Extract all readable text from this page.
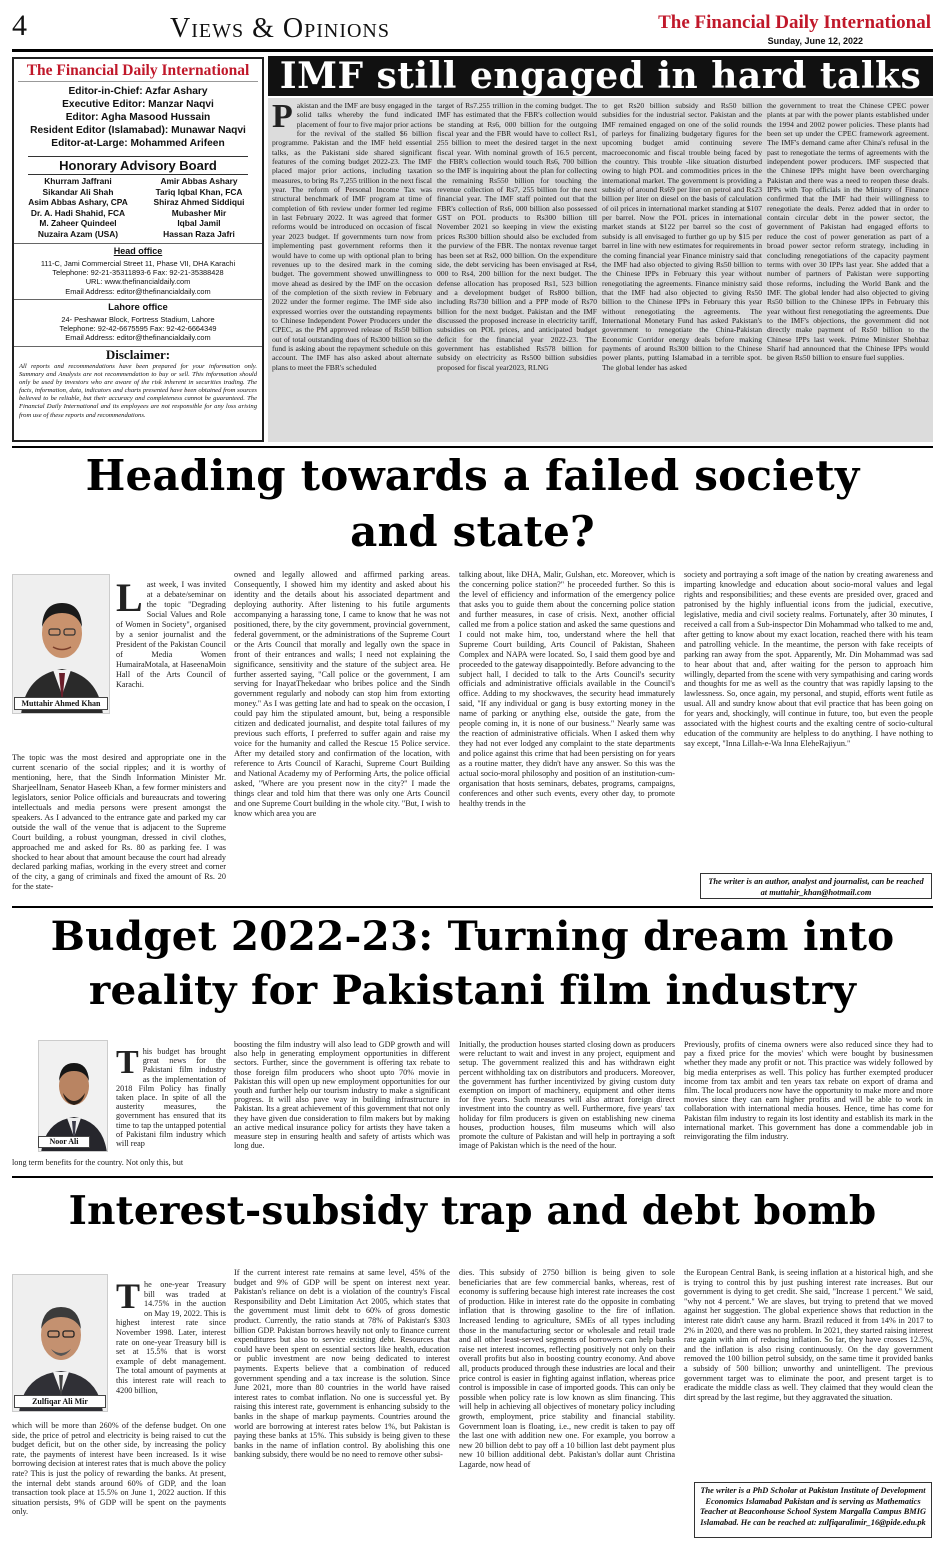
4	Views & Opinions	The Financial Daily International
Sunday, June 12, 2022
The Financial Daily International
Editor-in-Chief: Azfar Ashary
Executive Editor: Manzar Naqvi
Editor: Agha Masood Hussain
Resident Editor (Islamabad): Munawar Naqvi
Editor-at-Large: Mohammed Arifeen
Honorary Advisory Board
Khurram Jaffrani
Sikandar Ali Shah
Asim Abbas Ashary, CPA
Dr. A. Hadi Shahid, FCA
M. Zaheer Quindeel
Nuzaira Azam (USA)
Amir Abbas Ashary
Tariq Iqbal Khan, FCA
Shiraz Ahmed Siddiqui
Mubasher Mir
Iqbal Jamil
Hassan Raza Jafri
Head office
111-C, Jami Commercial Street 11, Phase VII, DHA Karachi
Telephone: 92-21-35311893-6 Fax: 92-21-35388428
URL: www.thefinancialdaily.com
Email Address: editor@thefinancialdaily.com
Lahore office
24- Peshawar Block, Fortress Stadium, Lahore
Telephone: 92-42-6675595 Fax: 92-42-6664349
Email Address: editor@thefinancialdaily.com
Disclaimer:
All reports and recommendations have been prepared for your information only. Summary and Analysis are not recommendation to buy or sell. This information should only be used by investors who are aware of the risk inherent in securities trading. The facts, information, data, indicators and charts presented have been obtained from sources believed to be reliable, but their accuracy and completeness cannot be guaranteed. The Financial Daily International and its employees are not responsible for any loss arising from use of these reports and recommendations.
IMF still engaged in hard talks
Pakistan and the IMF are busy engaged in the solid talks whereby the fund indicated placement of four to five major prior actions for the revival of the stalled $6 billion programme. Pakistan and the IMF held essential talks, as the Pakistani side shared significant features of the coming budget 2022-23. The IMF placed major prior actions, including taxation measures, to bring Rs 7,255 trillion in the next fiscal year. The reform of Personal Income Tax was structural benchmark of IMF program at time of completion of 6th review under former led regime in last February 2022. It was agreed that former reforms would be introduced on occasion of fiscal year 2023 budget. If governments turn now from implementing past government reforms then it would have to come up with optional plan to bring revenues up to the desired mark in the coming budget. The government showed unwillingness to move ahead as desired by the IMF on the occasion of the completion of the sixth review in February 2022 under the former regime. The IMF side also expressed worries over the outstanding repayments to Chinese Independent Power Producers under the CPEC, as the PM approved release of Rs50 billion out of total outstanding dues of Rs300 billion so the fund is asking about the repayment schedule on this account. The IMF has also asked about alternate plans to meet the FBR's scheduled
target of Rs7.255 trillion in the coming budget. The IMF has estimated that the FBR's collection would be standing at Rs6, 000 billion for the outgoing fiscal year and the FBR would have to collect Rs1, 255 billion to meet the desired target in the next fiscal year. With nominal growth of 16.5 percent, the FBR's collection would touch Rs6, 700 billion so the IMF is inquiring about the plan for collecting the remaining Rs550 billion for touching the revenue collection of Rs7, 255 billion for the next financial year. The IMF staff pointed out that the FBR's collection of Rs6, 000 billion also possessed GST on POL products to Rs300 billion till November 2021 so keeping in view the existing prices Rs300 billion should also be excluded from the purview of the FBR. The nontax revenue target has been set at Rs2, 000 billion. On the expenditure side, the debt servicing has been envisaged at Rs4, 000 to Rs4, 200 billion for the next budget. The defense allocation has proposed Rs1, 523 billion and a development budget of Rs800 billion, including Rs730 billion and a PPP mode of Rs70 billion for the next budget. Pakistan and the IMF discussed the proposed increase in electricity tariff, subsidies on POL prices, and anticipated budget deficit for the financial year 2022-23. The government has established Rs578 billion for subsidy on electricity as Rs500 billion subsidies proposed for fiscal year2023, RLNG
to get Rs20 billion subsidy and Rs50 billion subsidies for the industrial sector. Pakistan and the IMF remained engaged on one of the solid rounds of parleys for finalizing budgetary figures for the upcoming budget amid continuing severe macroeconomic and fiscal trouble being faced by the country. This trouble -like situation disturbed owing to high POL and commodities prices in the international market. The government is providing a subsidy of around Rs69 per liter on petrol and Rs23 billion per liter on diesel on the basis of calculation of oil prices in international market standing at $107 per barrel. Now the POL prices in international market stands at $122 per barrel so the cost of subsidy is all envisaged to further go up by $15 per barrel in line with new estimates for requirements in the coming financial year Finance ministry said that the IMF had also objected to giving Rs50 billion to the Chinese IPPs in February this year without renegotiating the agreements. Finance ministry said that the IMF had also objected to giving Rs50 billion to the Chinese IPPs in February this year without renegotiating the agreements. The International Monetary Fund has asked Pakistan's government to renegotiate the China-Pakistan Economic Corridor energy deals before making payments of around Rs300 billion to the Chinese power plants, putting Islamabad in a terrible spot. The global lender has asked
the government to treat the Chinese CPEC power plants at par with the power plants established under the 1994 and 2002 power policies. These plants had been set up under the CPEC framework agreement. The IMF's demand came after China's refusal in the past to renegotiate the terms of agreements with the independent power producers. IMF suspected that the Chinese IPPs might have been overcharging Pakistan and there was a need to reopen these deals. IPPs with Top officials in the Ministry of Finance confirmed that the IMF had their willingness to renegotiate the deals. Perez added that in order to contain circular debt in the power sector, the government of Pakistan had engaged efforts to reduce the cost of power generation as part of a broad power sector reform strategy, including in concluding renegotiations of the capacity payment terms with over 30 IPPs last year. She added that a number of partners of Pakistan were supporting those reforms, including the World Bank and the IMF. The global lender had also objected to giving Rs50 billion to the Chinese IPPs in February this year without first renegotiating the agreements. Due to the IMF's objections, the government did not directly make payment of Rs50 billion to the Chinese IPPs last week. Prime Minister Shehbaz Sharif had announced that the Chinese IPPs would be given Rs50 billion to ensure fuel supplies.
Heading towards a failed society
and state?
Muttahir Ahmed Khan
Last week, I was invited at a debate/seminar on the topic "Degrading Social Values and Role of Women in Society", organised by a senior journalist and the President of the Pakistan Council of Media Women HumairaMotala, at HaseenaMoin Hall of the Arts Council of Karachi.
The topic was the most desired and appropriate one in the current scenario of the social ripples; and it is worthy of mentioning, here, that the Sindh Information Minister Mr. SharjeelInam, Senator Haseeb Khan, a few former ministers and legislators, senior Police officials and bureaucrats and towering intellectuals and media persons were present amongst the speakers. As I advanced to the entrance gate and parked my car outside the wall of the venue that is adjacent to the Supreme Court building, a robust youngman, dressed in civil clothes, approached me and asked for Rs. 80 as parking fee. I was shocked to hear about that amount because the court had already declared parking mafias, working in the every street and corner of the city, a gang of criminals and fixed the amount of Rs. 20 for the state-
owned and legally allowed and affirmed parking areas. Consequently, I showed him my identity and asked about his identity and the details about his associated department and deploying authority. After listening to his futile arguments accompanying a harassing tone, I came to know that he was not positioned, there, by the city government, provincial government, federal government, or the administrations of the Supreme Court or the Arts Council that morally and legally own the space in front of their entrances and walls; I need not explaining the significance, sensitivity and the stature of the subject area. He further asserted saying, "Call police or the government, I am serving for InayatThekedaar who bribes police and the Sindh government regularly and nobody can stop him from extorting money." As I was getting late and had to speak on the occasion, I could pay him the stipulated amount, but, being a responsible citizen and dedicated journalist, and despite total failures of my previous such efforts, I preferred to suffer again and raise my voice for the humanity and called the Rescue 15 Police service. After my detailed story and confirmation of the location, with reference to Arts Council of Karachi, Supreme Court Building and National Academy my of Performing Arts, the police official asked, "Where are you present now in the city?" I made the things clear and told him that there was only one Arts Council and one Supreme Court building in the whole city. "But, I wish to know which area you are
talking about, like DHA, Malir, Gulshan, etc. Moreover, which is the concerning police station?" he proceeded further. So this is the level of efficiency and information of the emergency police that asks you to guide them about the concerning police station and further measures, in case of crisis. Next, another official called me from a police station and asked the same questions and I could not make him, too, understand where the hell that Supreme Court building, Arts Council of Pakistan, Shaheen Complex and NAPA were located. So, I said them good bye and proceeded to the gateway disappointedly. Before advancing to the subject hall, I decided to talk to the Arts Council's security officials and administrative officials available in the Council's office. Adding to my shockwaves, the security head immaturely said, "If any individual or gang is busy extorting money in the name of parking or anything else, outside the gate, from the people coming in, it is none of our business." Nearly same was the reaction of administrative officials. When I asked them why they had not ever lodged any complaint to the state departments and police against this crime that had been persisting on for years as a routine matter, they didn't have any answer. So this was the actual socio-moral philosophy and position of an institution-cum-organisation that hosts seminars, debates, programs, campaigns, conferences and other such events, every other day, to promote healthy trends in the
society and portraying a soft image of the nation by creating awareness and imparting knowledge and education about socio-moral values and legal rights and responsibilities; and these events are presided over, graced and patronised by the highly influential icons from the judicial, executive, legislative, media and civil society realms. Fortunately, after 30 minutes, I received a call from a Sub-inspector Din Mohammad who talked to me and, after getting to know about my exact location, reached there with his team and patrolling vehicle. In the meantime, the person with fake receipts of parking ran away from the spot. Apparently, Mr. Din Mohammad was sad to hear about that and, after waiting for the person to approach him willingly, departed from the scene with very sympathising and caring words and thoughts for me as well as the country that was rapidly lapsing to the lawlessness. So, once again, my personal, and stupid, efforts went futile as usual. All and sundry know about that evil practice that has been going on for years and, shockingly, will continue in future, too, but even the people associated with the highest courts and the exalting centre of socio-cultural education of the community are helpless to do anything. I have nothing to say except, "Inna Lillah-e-Wa Inna EleheRajiyun."
The writer is an author, analyst and journalist, can be reached at muttahir_khan@hotmail.com
Budget 2022-23: Turning dream into
reality for Pakistani film industry
Noor Ali
This budget has brought great news for the Pakistani film industry as the implementation of 2018 Film Policy has finally taken place. In spite of all the austerity measures, the government has ensured that its time to tap the untapped potential of Pakistani film industry which will reap
long term benefits for the country. Not only this, but
boosting the film industry will also lead to GDP growth and will also help in generating employment opportunities in different sectors. Further, since the government is offering tax rebate to those foreign film producers who shoot upto 70% movie in Pakistan this will open up new employment opportunities for our youth and further help our tourism industry to make a significant progress. It will also pave way in building infrastructure in Pakistan. Its a great achievement of this government that not only they have given due consideration to film makers but by making an active medical insurance policy for artists they have taken a measure step in ensuring health and safety of artists which was long due.
Initially, the production houses started closing down as producers were reluctant to wait and invest in any project, equipment and setup. The government realized this and has withdrawn eight percent withholding tax on distributors and producers. Moreover, the government has further incentivized by giving custom duty exemption on import of machinery, equipment and other items for five years. Such measures will also attract foreign direct investment into the country as well. Furthermore, five years' tax holiday for film producers is given on establishing new cinema houses, production houses, film museums which will also promote the culture of Pakistan and will help in portraying a soft image of Pakistan which is the need of the hour.
Previously, profits of cinema owners were also reduced since they had to pay a fixed price for the movies' which were bought by businessmen whether they made any profit or not. This practice was widely followed by big media enterprises as well. This policy has further exempted producer income from tax ambit and ten years tax rebate on export of drama and film. The local producers now have the opportunity to make more and more movies since they can earn higher profits and will be able to work in collaboration with international media houses. Hence, time has come for Pakistan film industry to regain its lost identity and establish its mark in the international market. This government has done a commendable job in reinvigorating the film industry.
Interest-subsidy trap and debt bomb
Zulfiqar Ali Mir
The one-year Treasury bill was traded at 14.75% in the auction on May 19, 2022. This is highest interest rate since November 1998. Later, interest rate on one-year Treasury bill is set at 15.5% that is worst example of debt management. The total amount of payments at this interest rate will reach to 4200 billion,
which will be more than 260% of the defense budget. On one side, the price of petrol and electricity is being raised to cut the budget deficit, but on the other side, by increasing the policy rate, the payments of interest have been increased. Is it wise borrowing decision at interest rates that is much above the policy rate? This is just the policy of rewarding the banks. At present, the internal debt stands around 60% of GDP, and the loan transaction took place at 15.5% on June 1, 2022 auction. If this situation persists, 9% of GDP will be spent on the payments only.
If the current interest rate remains at same level, 45% of the budget and 9% of GDP will be spent on interest next year. Pakistan's reliance on debt is a violation of the country's Fiscal Responsibility and Debt Limitation Act 2005, which states that the government must limit debt to 60% of gross domestic product. Currently, the ratio stands at 78% of Pakistan's $303 billion GDP. Pakistan borrows heavily not only to finance current expenditures but also to service existing debt. Resources that could have been spent on essential sectors like health, education or public investment are now being dedicated to interest payments. Experts believe that a combination of reduced government spending and a tax increase is the solution. Since June 2021, more than 80 countries in the world have raised interest rates to combat inflation. No one is successful yet. By raising this interest rate, government is enhancing subsidy to the banks in the shape of markup payments. Countries around the world are borrowing at interest rates below 1%, but Pakistan is paying these banks at 15%. This subsidy is being given to these banks in the name of inflation control. By abolishing this one banking subsidy, there would be no need to remove other subsi-
dies. This subsidy of 2750 billion is being given to sole beneficiaries that are few commercial banks, whereas, rest of economy is suffering because high interest rate increases the cost of production. Hike in interest rate do the opposite in combating inflation that is throwing gasoline to the fire of inflation. Increased lending to agriculture, SMEs of all types including those in the manufacturing sector or wholesale and retail trade and all other least-served segments of borrowers can help banks raise net interest incomes, reflecting positively not only on their overall profits but also in boosting country economy. And above all, products produced through these industries are local and their price control is easier in fighting against inflation, whereas price control is impossible in case of imported goods. This can only be possible when policy rate is low known as slim financing. This will help in achieving all objectives of monetary policy including growth, employment, price stability and financial stability. Government loan is floating, i.e., new credit is taken to pay off the last one with addition new one. For example, you borrow a new 20 billion debt to pay off a 10 billion last debt payment plus new 10 billion additional debt. Pakistan's dollar aunt Christina Lagarde, now head of
the European Central Bank, is seeing inflation at a historical high, and she is trying to control this by just pushing interest rate increases. But our government is dying to get credit. She said, "Increase 1 percent." We said, "why not 4 percent." We are slaves, but trying to pretend that we moved against her suggestion. The global experience shows that reduction in the interest rate didn't cause any harm. Brazil reduced it from 14% in 2017 to 2% in 2020, and there was no problem. In 2021, they started raising interest rate again with aim of reducing inflation. So far, they have crosses 12.5%, and the inflation is also rising continuously. On the day government removed the 100 billion petrol subsidy, on the same time it provided banks a subsidy of 500 billion; unworthy and unintelligent. The previous government target was to eliminate the poor, and present target is to eradicate the middle class as well. They claimed that they would clean the dirt spread by the last regime, but they aggravated the situation.
The writer is a PhD Scholar at Pakistan Institute of Development Economics Islamabad Pakistan and is serving as Mathematics Teacher at Beaconhouse School System Margalla Campus BMIG Islamabad. He can be reached at: zulfiqaralimir_16@pide.edu.pk
